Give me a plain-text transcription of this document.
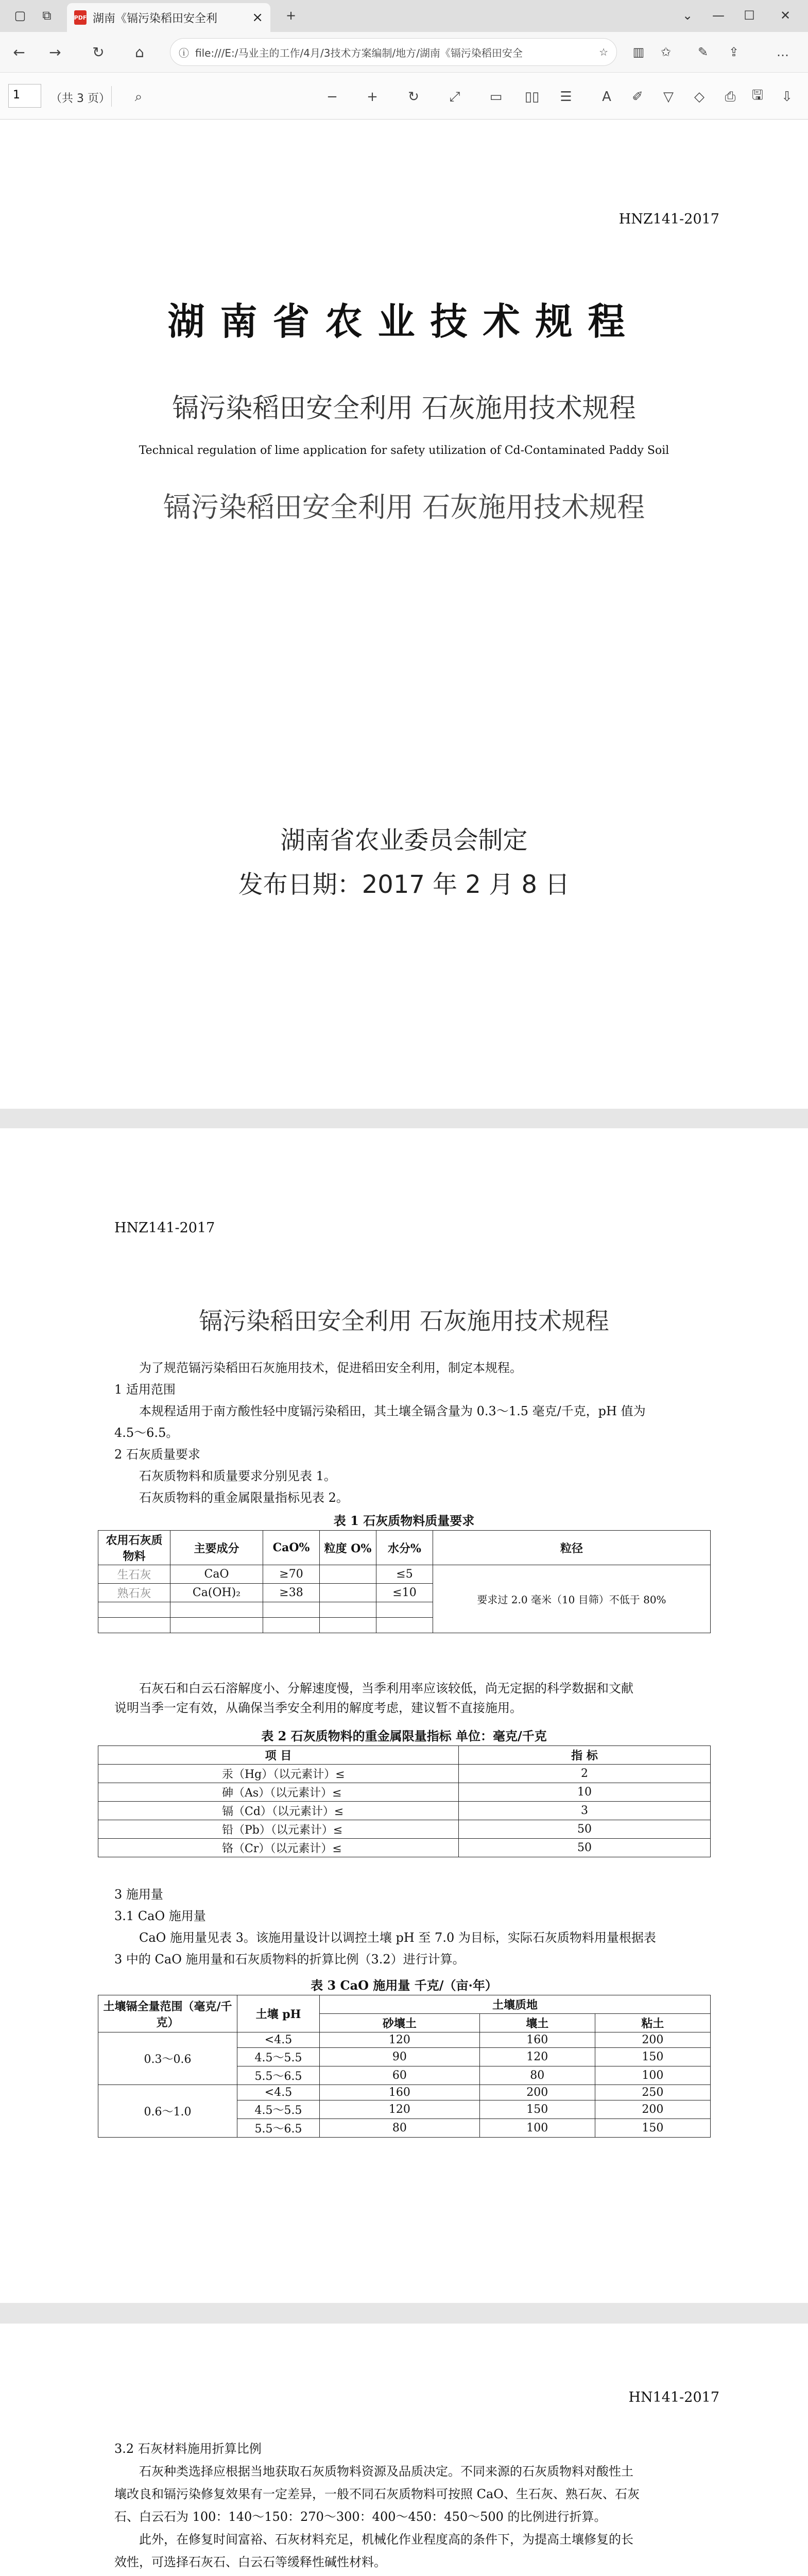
▢	⧉	PDF 湖南《镉污染稻田安全利	×	+	⌄	—	☐	✕
←	→	↻	⌂	ⓘ file:///E:/马业主的工作/4月/3技术方案编制/地方/湖南《镉污染稻田安全	☆	▥	✩	✎	⇪	…
1	（共 3 页）	⌕	−	+	↻	⤢	▭	▯▯	☰	A	✐	▽	◇	⎙	🖫	⇩
HNZ141-2017
湖南省农业技术规程
镉污染稻田安全利用 石灰施用技术规程
Technical regulation of lime application for safety utilization of Cd-Contaminated Paddy Soil
镉污染稻田安全利用 石灰施用技术规程
湖南省农业委员会制定
发布日期：2017 年 2 月 8 日
HNZ141-2017
镉污染稻田安全利用 石灰施用技术规程
为了规范镉污染稻田石灰施用技术，促进稻田安全利用，制定本规程。
1 适用范围
本规程适用于南方酸性轻中度镉污染稻田，其土壤全镉含量为 0.3～1.5 毫克/千克，pH 值为
4.5～6.5。
2 石灰质量要求
石灰质物料和质量要求分别见表 1。
石灰质物料的重金属限量指标见表 2。
表 1 石灰质物料质量要求
农用石灰质物料	主要成分	CaO%	粒度 O%	水分%	粒径
生石灰	CaO	≥70		≤5	要求过 2.0 毫米（10 目筛）不低于 80%
熟石灰	Ca(OH)₂	≥38		≤10	

石灰石和白云石溶解度小、分解速度慢，当季利用率应该较低，尚无定据的科学数据和文献
说明当季一定有效，从确保当季安全利用的解度考虑，建议暂不直接施用。
表 2 石灰质物料的重金属限量指标 单位：毫克/千克
项 目	指 标
汞（Hg）（以元素计）≤	2
砷（As）（以元素计）≤	10
镉（Cd）（以元素计）≤	3
铅（Pb）（以元素计）≤	50
铬（Cr）（以元素计）≤	50
3 施用量
3.1 CaO 施用量
CaO 施用量见表 3。该施用量设计以调控土壤 pH 至 7.0 为目标，实际石灰质物料用量根据表
3 中的 CaO 施用量和石灰质物料的折算比例（3.2）进行计算。
表 3 CaO 施用量 千克/（亩·年）
土壤镉全量范围（毫克/千克）	土壤 pH	土壤质地		
		砂壤土	壤土	粘土
0.3～0.6	<4.5	120	160	200
	4.5～5.5	90	120	150
	5.5～6.5	60	80	100
0.6～1.0	<4.5	160	200	250
	4.5～5.5	120	150	200
	5.5～6.5	80	100	150
HN141-2017
3.2 石灰材料施用折算比例
石灰种类选择应根据当地获取石灰质物料资源及品质决定。不同来源的石灰质物料对酸性土
壤改良和镉污染修复效果有一定差异，一般不同石灰质物料可按照 CaO、生石灰、熟石灰、石灰
石、白云石为 100：140～150：270～300：400～450：450～500 的比例进行折算。
此外，在修复时间富裕、石灰材料充足，机械化作业程度高的条件下，为提高土壤修复的长
效性，可选择石灰石、白云石等缓释性碱性材料。
